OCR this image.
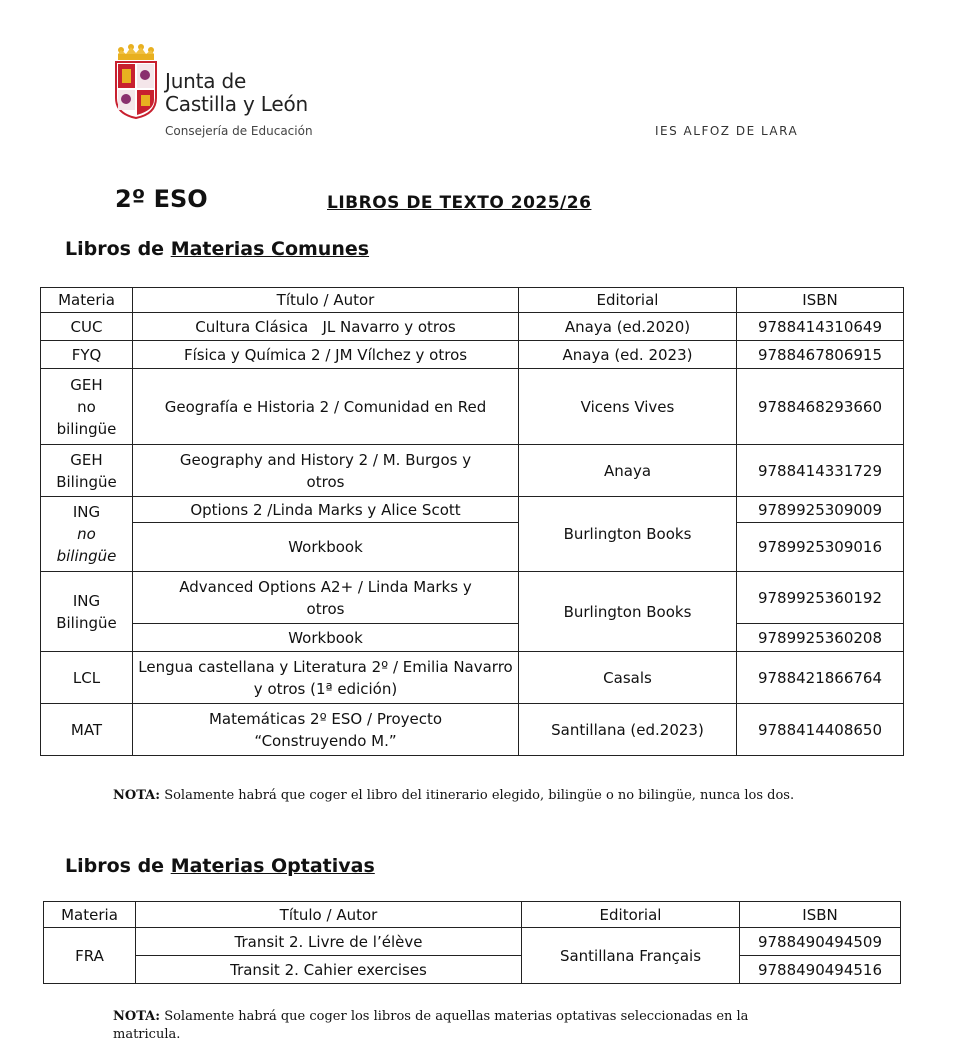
Junta de
Castilla y León
Consejería de Educación	IES ALFOZ DE LARA
2º ESO	LIBROS DE TEXTO 2025/26
Libros de Materias Comunes
Materia	Título / Autor	Editorial	ISBN
CUC	Cultura Clásica   JL Navarro y otros	Anaya (ed.2020)	9788414310649
FYQ	Física y Química 2 / JM Vílchez y otros	Anaya (ed. 2023)	9788467806915

GEH
no
bilingüe	Geografía e Historia 2 / Comunidad en Red	Vicens Vives	9788468293660

GEH
Bilingüe	Geography and History 2 / M. Burgos y otros	Anaya	9788414331729

ING
no
bilingüe	Options 2 /Linda Marks y Alice Scott	Burlington Books	9789925309009
	Workbook		9789925309016

ING
Bilingüe	Advanced Options A2+ / Linda Marks y otros	Burlington Books	9789925360192
	Workbook		9789925360208
LCL	Lengua castellana y Literatura 2º / Emilia Navarro y otros (1ª edición)	Casals	9788421866764
MAT	Matemáticas 2º ESO / Proyecto “Construyendo M.”	Santillana (ed.2023)	9788414408650
NOTA: Solamente habrá que coger el libro del itinerario elegido, bilingüe o no bilingüe, nunca los dos.
Libros de Materias Optativas
Materia	Título / Autor	Editorial	ISBN
FRA	Transit 2. Livre de l’élève	Santillana Français	9788490494509
	Transit 2. Cahier exercises		9788490494516
NOTA: Solamente habrá que coger los libros de aquellas materias optativas seleccionadas en la matricula.
